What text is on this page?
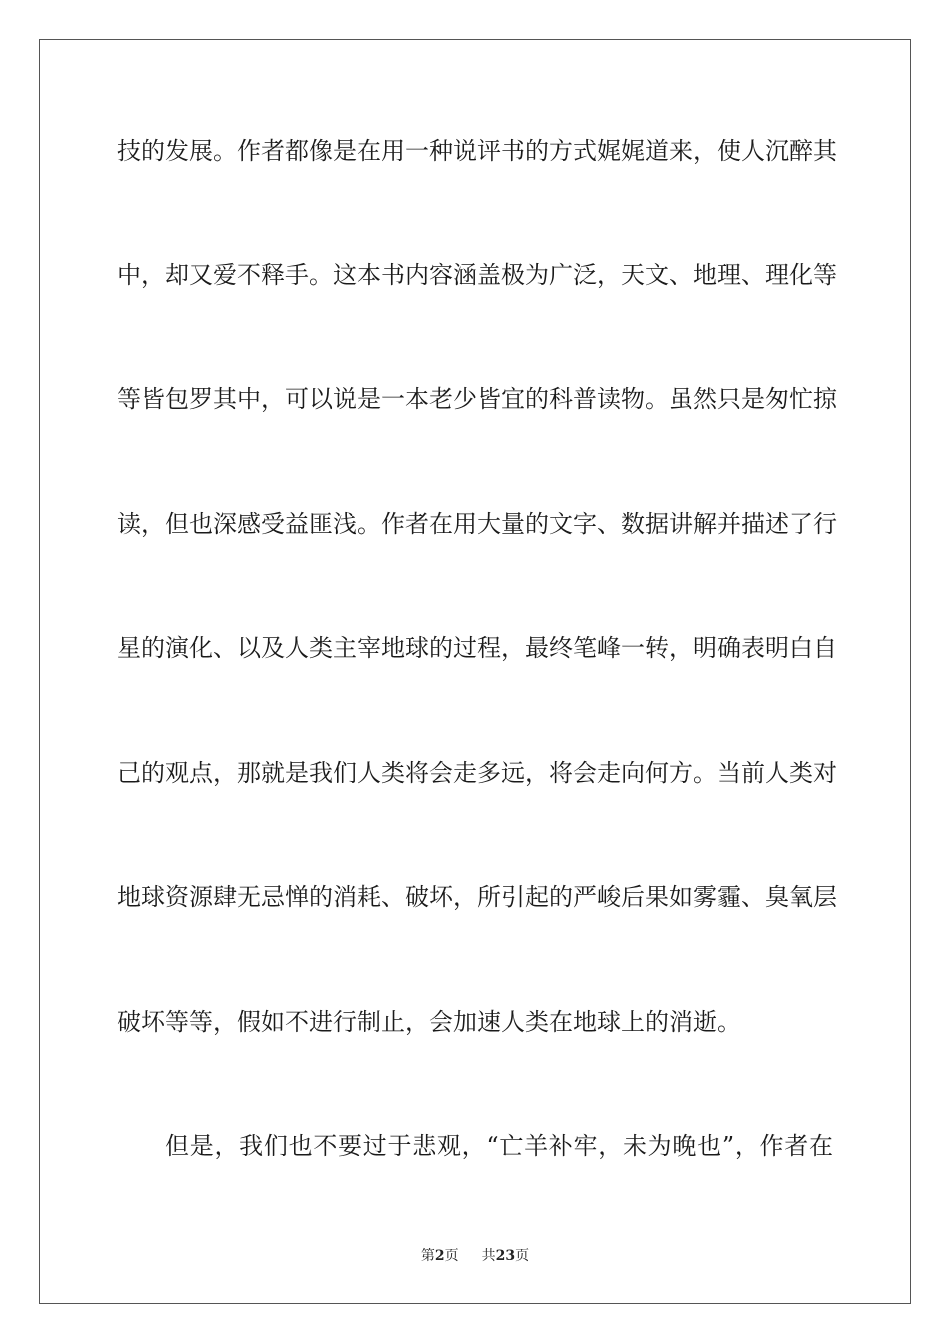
技的发展。作者都像是在用一种说评书的方式娓娓道来，使人沉醉其
中，却又爱不释手。这本书内容涵盖极为广泛，天文、地理、理化等
等皆包罗其中，可以说是一本老少皆宜的科普读物。虽然只是匆忙掠
读，但也深感受益匪浅。作者在用大量的文字、数据讲解并描述了行
星的演化、以及人类主宰地球的过程，最终笔峰一转，明确表明白自
己的观点，那就是我们人类将会走多远，将会走向何方。当前人类对
地球资源肆无忌惮的消耗、破坏，所引起的严峻后果如雾霾、臭氧层
破坏等等，假如不进行制止，会加速人类在地球上的消逝。
但是，我们也不要过于悲观，“亡羊补牢，未为晚也”，作者在
第2页 共23页
